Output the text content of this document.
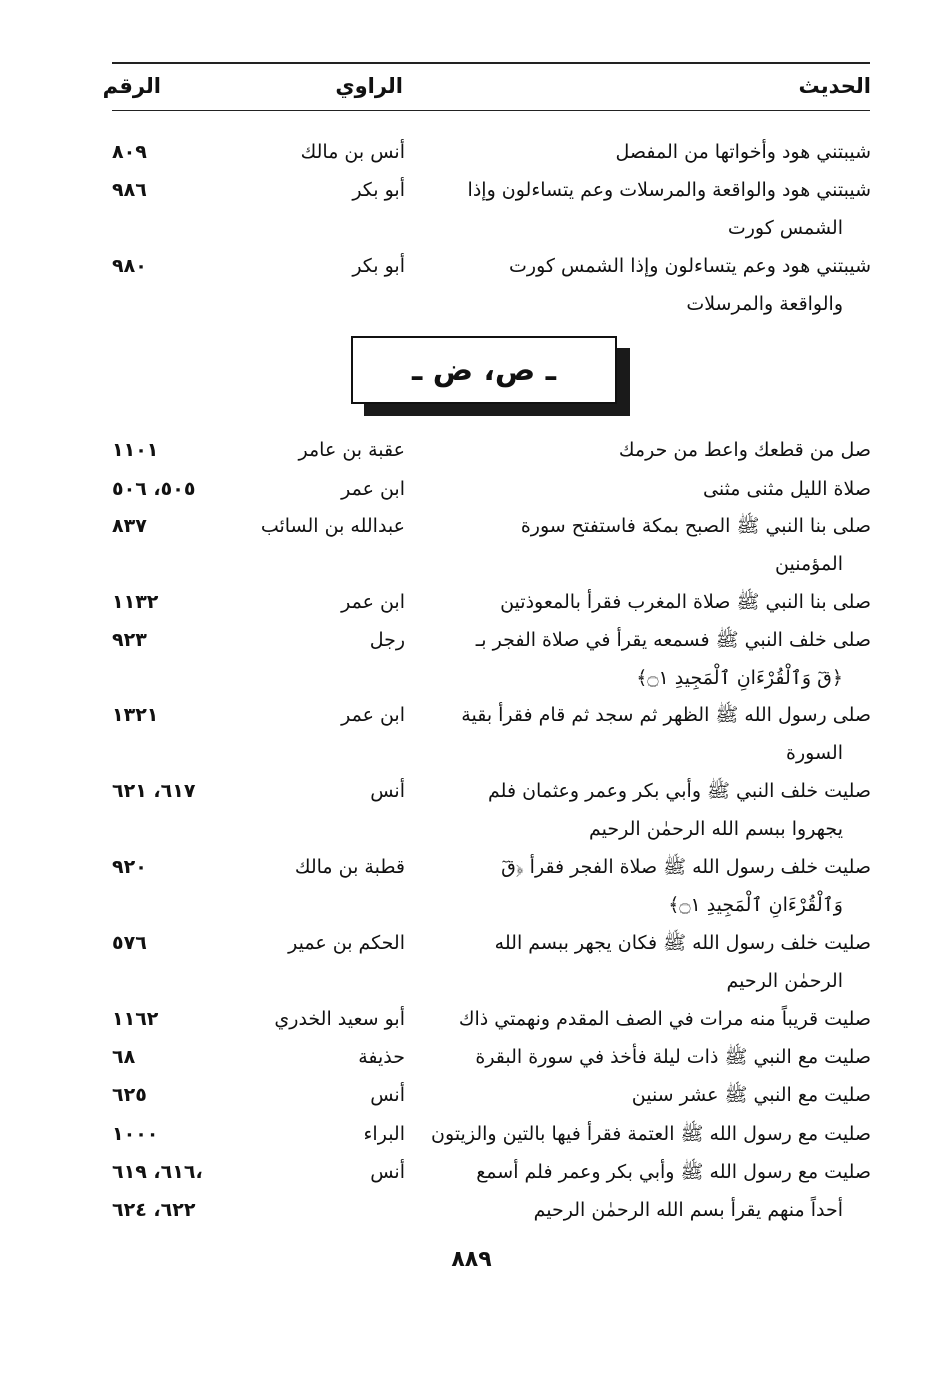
الحديث
الراوي
الرقم
شيبتني هود وأخواتها من المفصل
أنس بن مالك
٨٠٩
شيبتني هود والواقعة والمرسلات وعم يتساءلون وإذا
الشمس كورت
أبو بكر
٩٨٦
شيبتني هود وعم يتساءلون وإذا الشمس كورت
والواقعة والمرسلات
أبو بكر
٩٨٠
ـ ص، ض ـ
صل من قطعك واعط من حرمك
عقبة بن عامر
١١٠١
صلاة الليل مثنى مثنى
ابن عمر
٥٠٥، ٥٠٦
صلى بنا النبي ﷺ الصبح بمكة فاستفتح سورة
المؤمنين
عبدالله بن السائب
٨٣٧
صلى بنا النبي ﷺ صلاة المغرب فقرأ بالمعوذتين
ابن عمر
١١٣٢
صلى خلف النبي ﷺ فسمعه يقرأ في صلاة الفجر بـ
﴿قٓ وَٱلْقُرْءَانِ ٱلْمَجِيدِ ۝١﴾
رجل
٩٢٣
صلى رسول الله ﷺ الظهر ثم سجد ثم قام فقرأ بقية
السورة
ابن عمر
١٣٢١
صليت خلف النبي ﷺ وأبي بكر وعمر وعثمان فلم
يجهروا ببسم الله الرحمٰن الرحيم
أنس
٦١٧، ٦٢١
صليت خلف رسول الله ﷺ صلاة الفجر فقرأ ﴿قٓ
وَٱلْقُرْءَانِ ٱلْمَجِيدِ ۝١﴾
قطبة بن مالك
٩٢٠
صليت خلف رسول الله ﷺ فكان يجهر ببسم الله
الرحمٰن الرحيم
الحكم بن عمير
٥٧٦
صليت قريباً منه مرات في الصف المقدم ونهمتي ذاك
أبو سعيد الخدري
١١٦٢
صليت مع النبي ﷺ ذات ليلة فأخذ في سورة البقرة
حذيفة
٦٨
صليت مع النبي ﷺ عشر سنين
أنس
٦٢٥
صليت مع رسول الله ﷺ العتمة فقرأ فيها بالتين والزيتون
البراء
١٠٠٠
صليت مع رسول الله ﷺ وأبي بكر وعمر فلم أسمع
أحداً منهم يقرأ بسم الله الرحمٰن الرحيم
أنس
٦١٦، ٦١٩،
٦٢٢، ٦٢٤
٨٨٩
